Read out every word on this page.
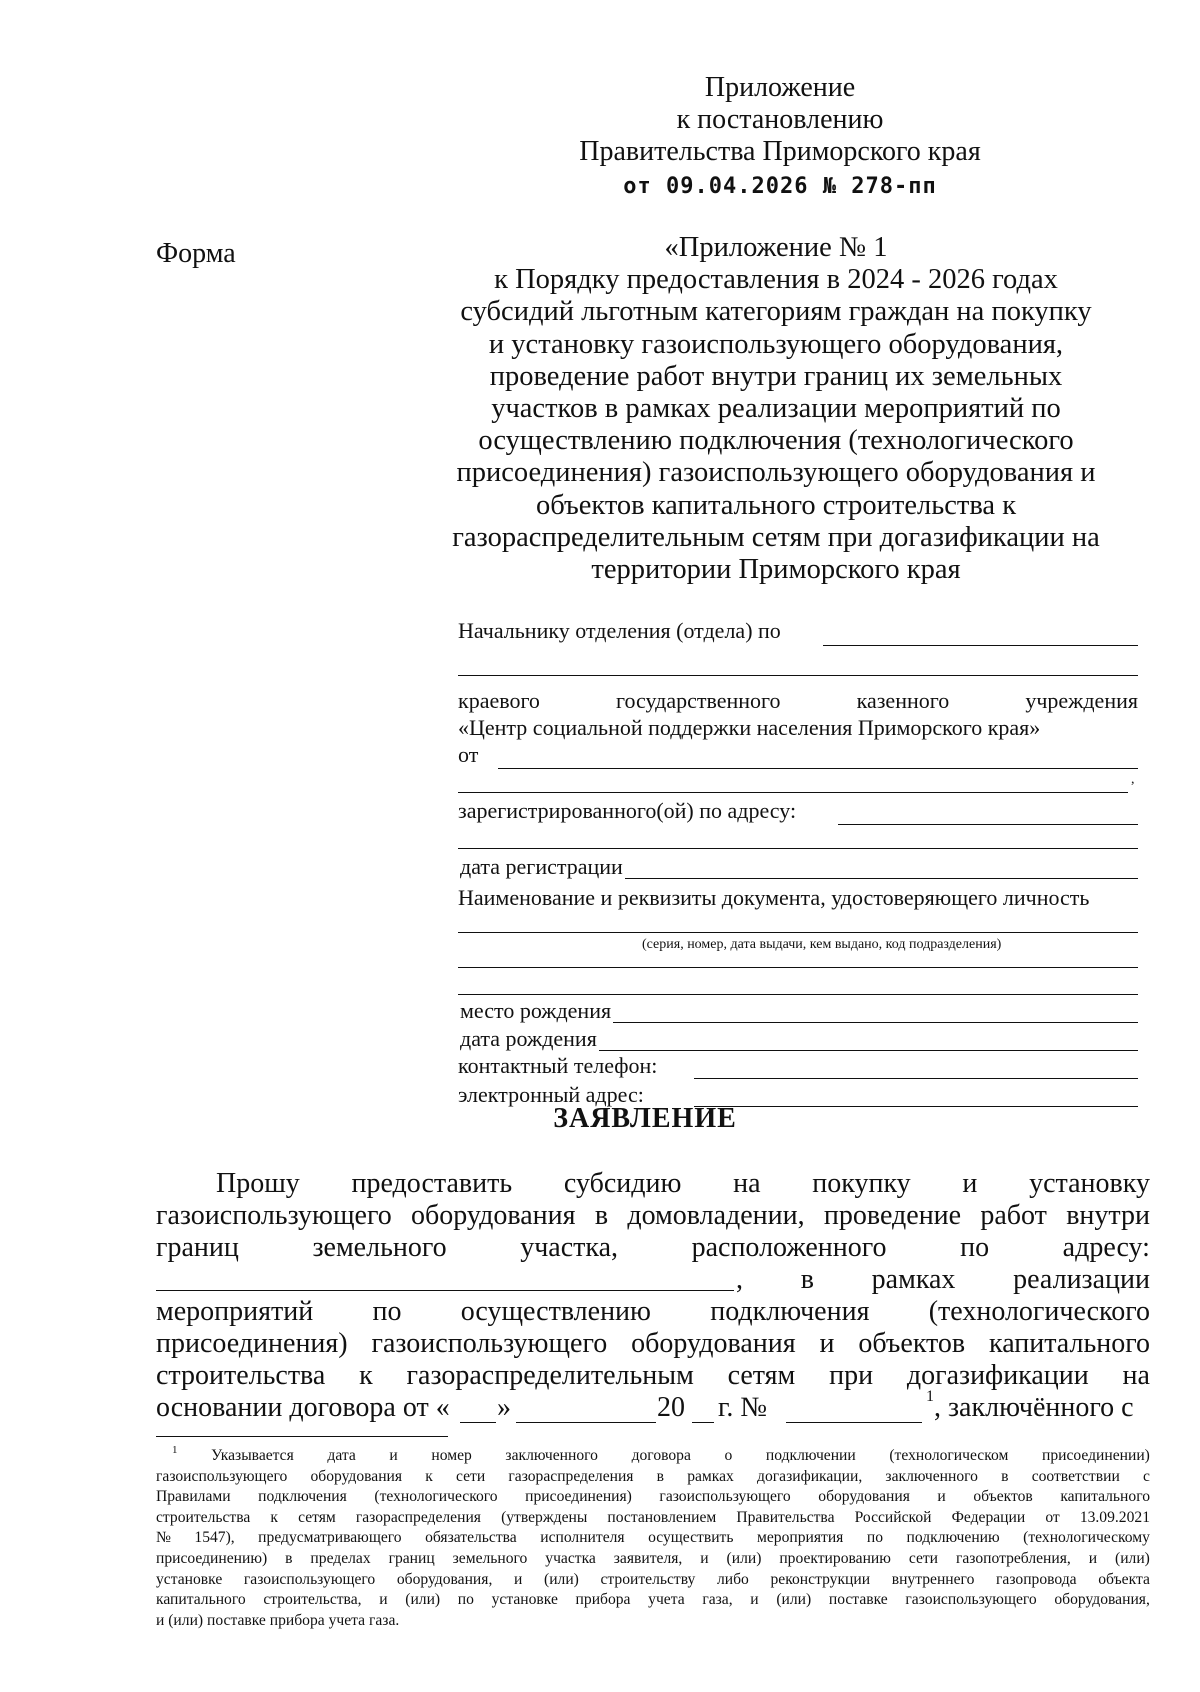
Приложение
к постановлению
Правительства Приморского края
от 09.04.2026 № 278-пп
Форма	«Приложение № 1
к Порядку предоставления в 2024 - 2026 годах
субсидий льготным категориям граждан на покупку
и установку газоиспользующего оборудования,
проведение работ внутри границ их земельных
участков в рамках реализации мероприятий по
осуществлению подключения (технологического
присоединения) газоиспользующего оборудования и
объектов капитального строительства к
газораспределительным сетям при догазификации на
территории Приморского края
Начальнику отделения (отдела) по
краевого	государственного	казенного	учреждения
«Центр социальной поддержки населения Приморского края»
от
,
зарегистрированного(ой) по адресу:
дата регистрации
Наименование и реквизиты документа, удостоверяющего личность
(серия, номер, дата выдачи, кем выдано, код подразделения)
место рождения
дата рождения
контактный телефон:
электронный адрес:
ЗАЯВЛЕНИЕ
Прошу предоставить субсидию на покупку и установку
газоиспользующего оборудования в домовладении, проведение работ внутри
границ	земельного	участка,	расположенного	по	адресу:
, в рамках реализации
мероприятий по осуществлению подключения (технологического
присоединения) газоиспользующего оборудования и объектов капитального
строительства к газораспределительным сетям при догазификации на
основании договора от « »	20 г. №	1 , заключённого с
1 Указывается дата и номер заключенного договора о подключении (технологическом присоединении)
газоиспользующего оборудования к сети газораспределения в рамках догазификации, заключенного в соответствии с
Правилами подключения (технологического присоединения) газоиспользующего оборудования и объектов капитального
строительства к сетям газораспределения (утверждены постановлением Правительства Российской Федерации от 13.09.2021
№ 1547), предусматривающего обязательства исполнителя осуществить мероприятия по подключению (технологическому
присоединению) в пределах границ земельного участка заявителя, и (или) проектированию сети газопотребления, и (или)
установке газоиспользующего оборудования, и (или) строительству либо реконструкции внутреннего газопровода объекта
капитального строительства, и (или) по установке прибора учета газа, и (или) поставке газоиспользующего оборудования,
и (или) поставке прибора учета газа.
